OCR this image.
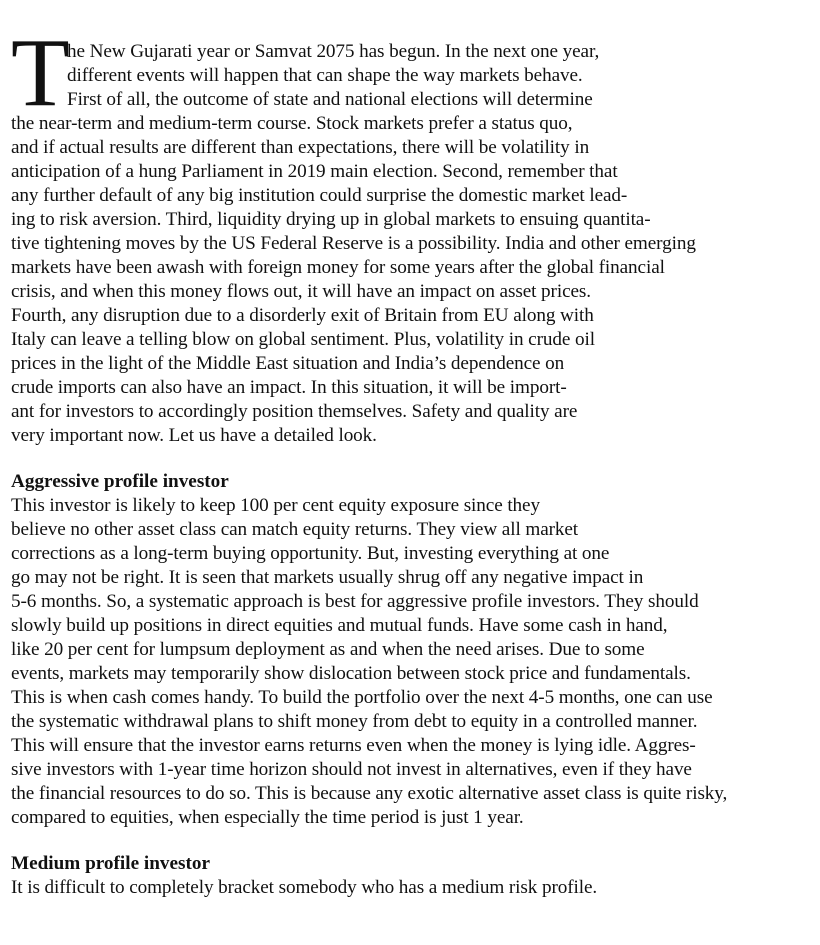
T
he New Gujarati year or Samvat 2075 has begun. In the next one year,
different events will happen that can shape the way markets behave.
First of all, the outcome of state and national elections will determine
the near-term and medium-term course. Stock markets prefer a status quo,
and if actual results are different than expectations, there will be volatility in
anticipation of a hung Parliament in 2019 main election. Second, remember that
any further default of any big institution could surprise the domestic market lead-
ing to risk aversion. Third, liquidity drying up in global markets to ensuing quantita-
tive tightening moves by the US Federal Reserve is a possibility. India and other emerging
markets have been awash with foreign money for some years after the global financial
crisis, and when this money flows out, it will have an impact on asset prices.
Fourth, any disruption due to a disorderly exit of Britain from EU along with
Italy can leave a telling blow on global sentiment. Plus, volatility in crude oil
prices in the light of the Middle East situation and India’s dependence on
crude imports can also have an impact. In this situation, it will be import-
ant for investors to accordingly position themselves. Safety and quality are
very important now. Let us have a detailed look.
Aggressive profile investor
This investor is likely to keep 100 per cent equity exposure since they
believe no other asset class can match equity returns. They view all market
corrections as a long-term buying opportunity. But, investing everything at one
go may not be right. It is seen that markets usually shrug off any negative impact in
5-6 months. So, a systematic approach is best for aggressive profile investors. They should
slowly build up positions in direct equities and mutual funds. Have some cash in hand,
like 20 per cent for lumpsum deployment as and when the need arises. Due to some
events, markets may temporarily show dislocation between stock price and fundamentals.
This is when cash comes handy. To build the portfolio over the next 4-5 months, one can use
the systematic withdrawal plans to shift money from debt to equity in a controlled manner.
This will ensure that the investor earns returns even when the money is lying idle. Aggres-
sive investors with 1-year time horizon should not invest in alternatives, even if they have
the financial resources to do so. This is because any exotic alternative asset class is quite risky,
compared to equities, when especially the time period is just 1 year.
Medium profile investor
It is difficult to completely bracket somebody who has a medium risk profile.
